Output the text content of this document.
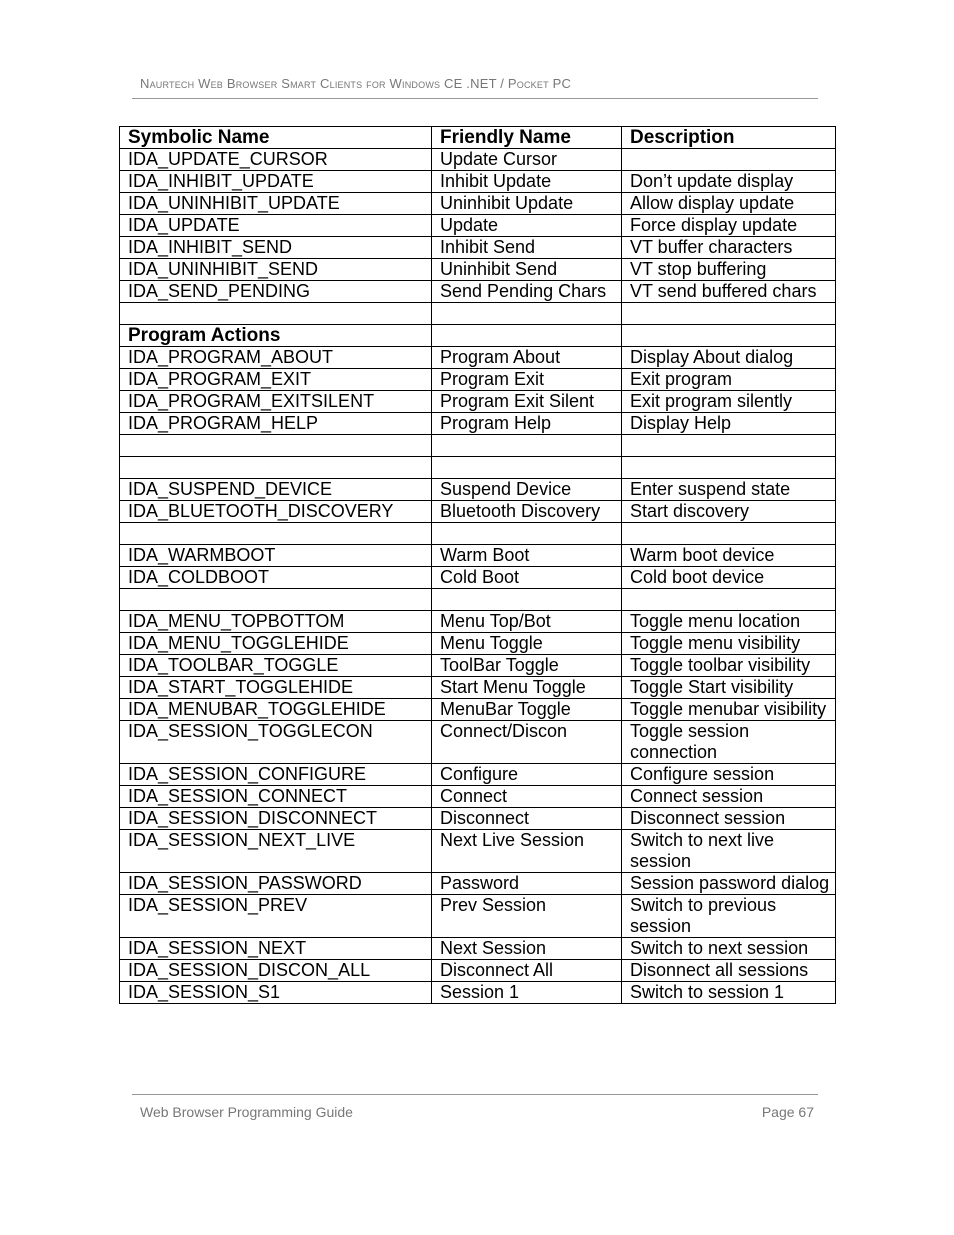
Naurtech Web Browser Smart Clients for Windows CE .NET / Pocket PC
Symbolic Name	Friendly Name	Description
IDA_UPDATE_CURSOR	Update Cursor	
IDA_INHIBIT_UPDATE	Inhibit Update	Don’t update display
IDA_UNINHIBIT_UPDATE	Uninhibit Update	Allow display update
IDA_UPDATE	Update	Force display update
IDA_INHIBIT_SEND	Inhibit Send	VT buffer characters
IDA_UNINHIBIT_SEND	Uninhibit Send	VT stop buffering
IDA_SEND_PENDING	Send Pending Chars	VT send buffered chars

Program Actions		
IDA_PROGRAM_ABOUT	Program About	Display About dialog
IDA_PROGRAM_EXIT	Program Exit	Exit program
IDA_PROGRAM_EXITSILENT	Program Exit Silent	Exit program silently
IDA_PROGRAM_HELP	Program Help	Display Help

IDA_SUSPEND_DEVICE	Suspend Device	Enter suspend state
IDA_BLUETOOTH_DISCOVERY	Bluetooth Discovery	Start discovery

IDA_WARMBOOT	Warm Boot	Warm boot device
IDA_COLDBOOT	Cold Boot	Cold boot device

IDA_MENU_TOPBOTTOM	Menu Top/Bot	Toggle menu location
IDA_MENU_TOGGLEHIDE	Menu Toggle	Toggle menu visibility
IDA_TOOLBAR_TOGGLE	ToolBar Toggle	Toggle toolbar visibility
IDA_START_TOGGLEHIDE	Start Menu Toggle	Toggle Start visibility
IDA_MENUBAR_TOGGLEHIDE	MenuBar Toggle	Toggle menubar visibility
IDA_SESSION_TOGGLECON	Connect/Discon	Toggle session connection
IDA_SESSION_CONFIGURE	Configure	Configure session
IDA_SESSION_CONNECT	Connect	Connect session
IDA_SESSION_DISCONNECT	Disconnect	Disconnect session
IDA_SESSION_NEXT_LIVE	Next Live Session	Switch to next live session
IDA_SESSION_PASSWORD	Password	Session password dialog
IDA_SESSION_PREV	Prev Session	Switch to previous session
IDA_SESSION_NEXT	Next Session	Switch to next session
IDA_SESSION_DISCON_ALL	Disconnect All	Disonnect all sessions
IDA_SESSION_S1	Session 1	Switch to session 1
Web Browser Programming Guide	Page 67
